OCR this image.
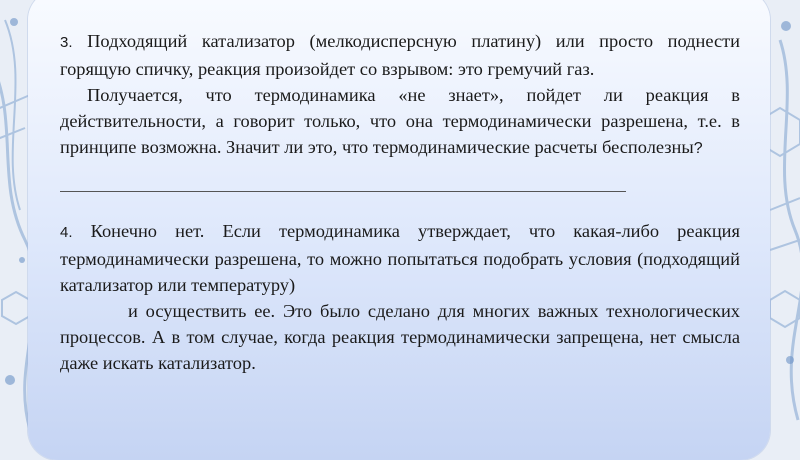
3. Подходящий катализатор (мелкодисперсную платину) или просто поднести горящую спичку, реакция произойдет со взрывом: это гремучий газ.

Получается, что термодинамика «не знает», пойдет ли реакция в действительности, а говорит только, что она термодинамически разрешена, т.е. в принципе возможна. Значит ли это, что термодинамические расчеты бесполезны?

4. Конечно нет. Если термодинамика утверждает, что какая-либо реакция термодинамически разрешена, то можно попытаться подобрать условия (подходящий катализатор или температуру)

и осуществить ее. Это было сделано для многих важных технологических процессов. А в том случае, когда реакция термодинамически запрещена, нет смысла даже искать катализатор.
